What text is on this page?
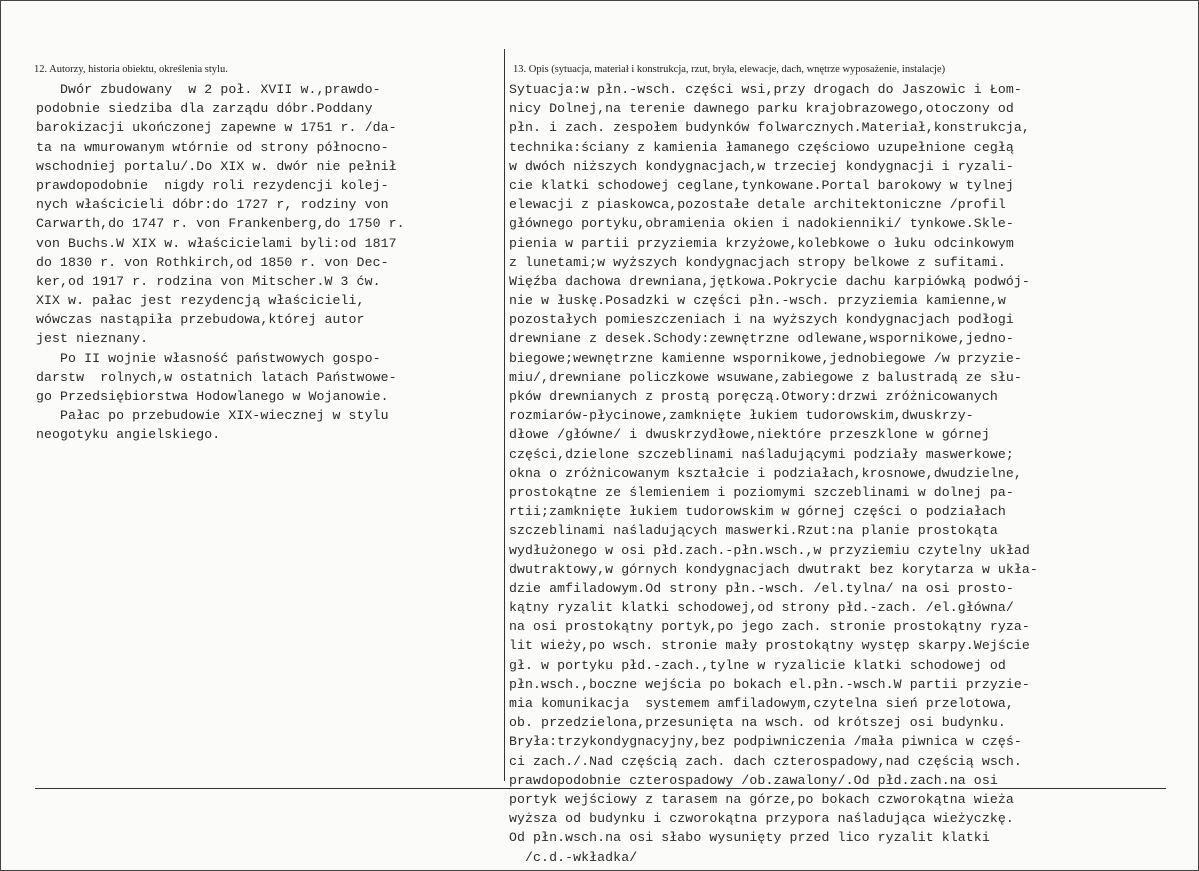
12. Autorzy, historia obiektu, określenia stylu.	13. Opis (sytuacja, materiał i konstrukcja, rzut, bryła, elewacje, dach, wnętrze wyposażenie, instalacje)
Dwór zbudowany  w 2 poł. XVII w.,prawdo-
podobnie siedziba dla zarządu dóbr.Poddany
barokizacji ukończonej zapewne w 1751 r. /da-
ta na wmurowanym wtórnie od strony północno-
wschodniej portalu/.Do XIX w. dwór nie pełnił
prawdopodobnie  nigdy roli rezydencji kolej-
nych właścicieli dóbr:do 1727 r, rodziny von
Carwarth,do 1747 r. von Frankenberg,do 1750 r.
von Buchs.W XIX w. właścicielami byli:od 1817
do 1830 r. von Rothkirch,od 1850 r. von Dec-
ker,od 1917 r. rodzina von Mitscher.W 3 ćw.
XIX w. pałac jest rezydencją właścicieli,
wówczas nastąpiła przebudowa,której autor
jest nieznany.
Po II wojnie własność państwowych gospo-
darstw  rolnych,w ostatnich latach Państwowe-
go Przedsiębiorstwa Hodowlanego w Wojanowie.
Pałac po przebudowie XIX-wiecznej w stylu
neogotyku angielskiego.
Sytuacja:w płn.-wsch. części wsi,przy drogach do Jaszowic i Łom-
nicy Dolnej,na terenie dawnego parku krajobrazowego,otoczony od
płn. i zach. zespołem budynków folwarcznych.Materiał,konstrukcja,
technika:ściany z kamienia łamanego częściowo uzupełnione cegłą
w dwóch niższych kondygnacjach,w trzeciej kondygnacji i ryzali-
cie klatki schodowej ceglane,tynkowane.Portal barokowy w tylnej
elewacji z piaskowca,pozostałe detale architektoniczne /profil
głównego portyku,obramienia okien i nadokienniki/ tynkowe.Skle-
pienia w partii przyziemia krzyżowe,kolebkowe o łuku odcinkowym
z lunetami;w wyższych kondygnacjach stropy belkowe z sufitami.
Więźba dachowa drewniana,jętkowa.Pokrycie dachu karpiówką podwój-
nie w łuskę.Posadzki w części płn.-wsch. przyziemia kamienne,w
pozostałych pomieszczeniach i na wyższych kondygnacjach podłogi
drewniane z desek.Schody:zewnętrzne odlewane,wspornikowe,jedno-
biegowe;wewnętrzne kamienne wspornikowe,jednobiegowe /w przyzie-
miu/,drewniane policzkowe wsuwane,zabiegowe z balustradą ze słu-
pków drewnianych z prostą poręczą.Otwory:drzwi zróżnicowanych
rozmiarów-płycinowe,zamknięte łukiem tudorowskim,dwuskrzy-
dłowe /główne/ i dwuskrzydłowe,niektóre przeszklone w górnej
części,dzielone szczeblinami naśladującymi podziały maswerkowe;
okna o zróżnicowanym kształcie i podziałach,krosnowe,dwudzielne,
prostokątne ze ślemieniem i poziomymi szczeblinami w dolnej pa-
rtii;zamknięte łukiem tudorowskim w górnej części o podziałach
szczeblinami naśladujących maswerki.Rzut:na planie prostokąta
wydłużonego w osi płd.zach.-płn.wsch.,w przyziemiu czytelny układ
dwutraktowy,w górnych kondygnacjach dwutrakt bez korytarza w ukła-
dzie amfiladowym.Od strony płn.-wsch. /el.tylna/ na osi prosto-
kątny ryzalit klatki schodowej,od strony płd.-zach. /el.główna/
na osi prostokątny portyk,po jego zach. stronie prostokątny ryza-
lit wieży,po wsch. stronie mały prostokątny występ skarpy.Wejście
gł. w portyku płd.-zach.,tylne w ryzalicie klatki schodowej od
płn.wsch.,boczne wejścia po bokach el.płn.-wsch.W partii przyzie-
mia komunikacja  systemem amfiladowym,czytelna sień przelotowa,
ob. przedzielona,przesunięta na wsch. od krótszej osi budynku.
Bryła:trzykondygnacyjny,bez podpiwniczenia /mała piwnica w częś-
ci zach./.Nad częścią zach. dach czterospadowy,nad częścią wsch.
prawdopodobnie czterospadowy /ob.zawalony/.Od płd.zach.na osi
portyk wejściowy z tarasem na górze,po bokach czworokątna wieża
wyższa od budynku i czworokątna przypora naśladująca wieżyczkę.
Od płn.wsch.na osi słabo wysunięty przed lico ryzalit klatki
/c.d.-wkładka/
